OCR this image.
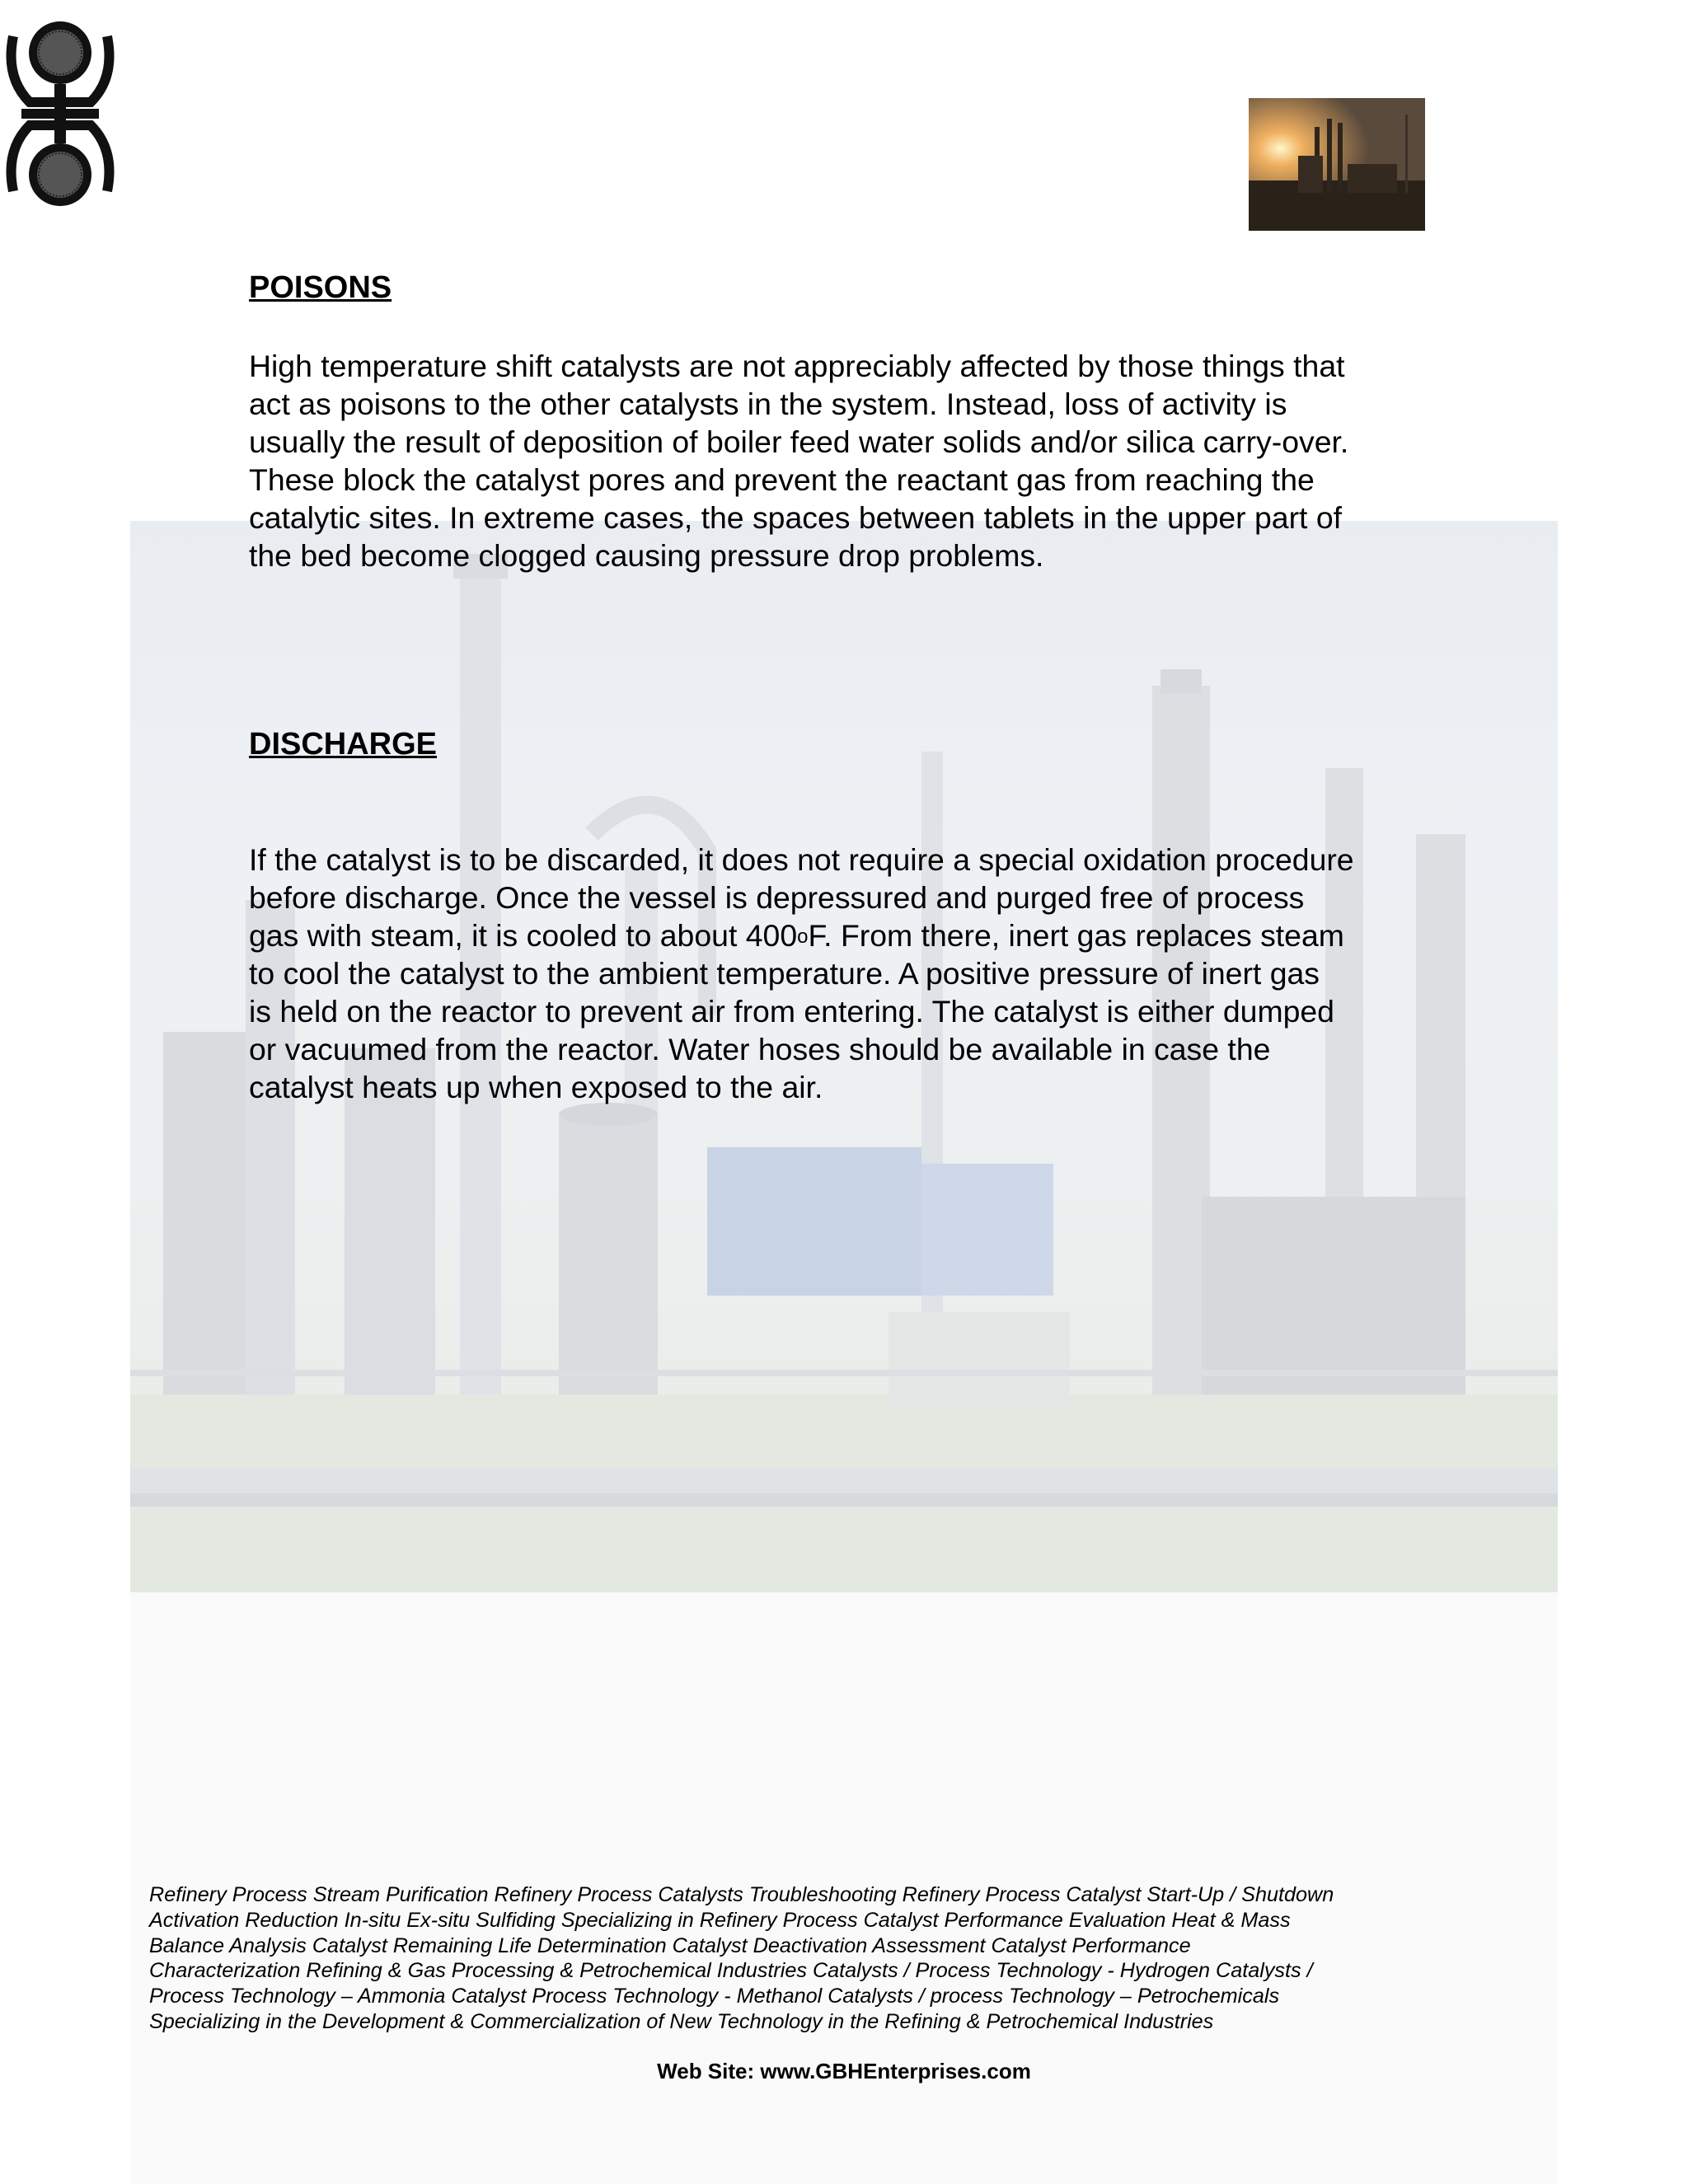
POISONS

High temperature shift catalysts are not appreciably affected by those things that
act as poisons to the other catalysts in the system. Instead, loss of activity is
usually the result of deposition of boiler feed water solids and/or silica carry-over.
These block the catalyst pores and prevent the reactant gas from reaching the
catalytic sites. In extreme cases, the spaces between tablets in the upper part of
the bed become clogged causing pressure drop problems.

DISCHARGE

If the catalyst is to be discarded, it does not require a special oxidation procedure
before discharge. Once the vessel is depressured and purged free of process
gas with steam, it is cooled to about 400$^o$F. From there, inert gas replaces steam
to cool the catalyst to the ambient temperature. A positive pressure of inert gas
is held on the reactor to prevent air from entering. The catalyst is either dumped
or vacuumed from the reactor. Water hoses should be available in case the
catalyst heats up when exposed to the air.

Refinery Process Stream Purification Refinery Process Catalysts Troubleshooting Refinery Process Catalyst Start-Up / Shutdown
Activation Reduction In-situ Ex-situ Sulfiding Specializing in Refinery Process Catalyst Performance Evaluation Heat & Mass
Balance Analysis Catalyst Remaining Life Determination Catalyst Deactivation Assessment Catalyst Performance
Characterization Refining & Gas Processing & Petrochemical Industries Catalysts / Process Technology - Hydrogen Catalysts /
Process Technology – Ammonia Catalyst Process Technology - Methanol Catalysts / process Technology – Petrochemicals
Specializing in the Development & Commercialization of New Technology in the Refining & Petrochemical Industries

Web Site: www.GBHEnterprises.com
